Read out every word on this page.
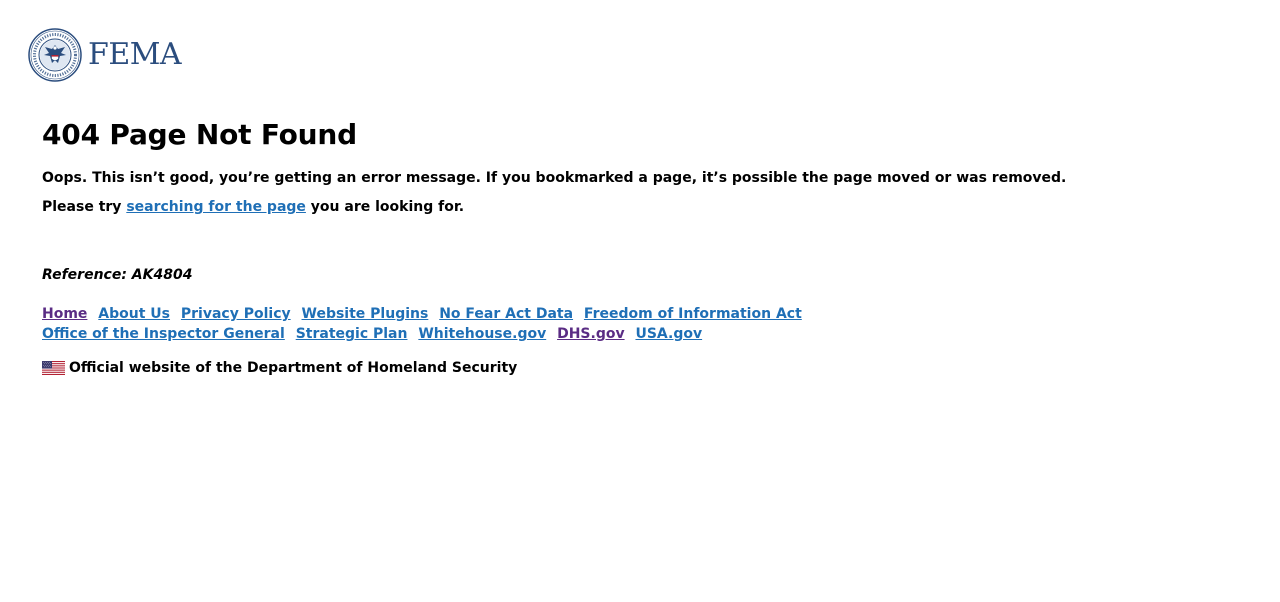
FEMA
404 Page Not Found

Oops. This isn’t good, you’re getting an error message. If you bookmarked a page, it’s possible the page moved or was removed.

Please try searching for the page you are looking for.

Reference: AK4804
Home About Us Privacy Policy Website Plugins No Fear Act Data Freedom of Information Act Office of the Inspector General Strategic Plan Whitehouse.gov DHS.gov USA.gov
Official website of the Department of Homeland Security
